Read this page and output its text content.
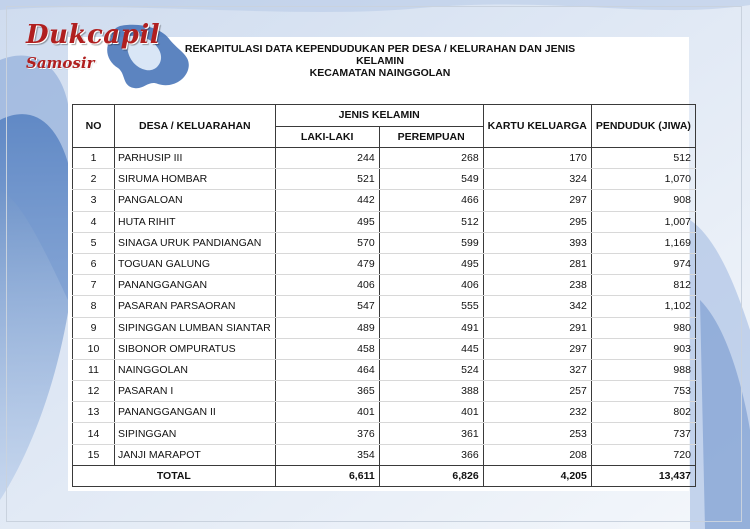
Dukcapil
Samosir
REKAPITULASI DATA KEPENDUDUKAN PER DESA / KELURAHAN DAN JENIS KELAMIN
KECAMATAN NAINGGOLAN
NO	DESA / KELUARAHAN	JENIS KELAMIN		KARTU KELUARGA	PENDUDUK (JIWA)
		LAKI-LAKI	PEREMPUAN		
1	PARHUSIP III	244	268	170	512
2	SIRUMA HOMBAR	521	549	324	1,070
3	PANGALOAN	442	466	297	908
4	HUTA RIHIT	495	512	295	1,007
5	SINAGA URUK PANDIANGAN	570	599	393	1,169
6	TOGUAN GALUNG	479	495	281	974
7	PANANGGANGAN	406	406	238	812
8	PASARAN PARSAORAN	547	555	342	1,102
9	SIPINGGAN LUMBAN SIANTAR	489	491	291	980
10	SIBONOR OMPURATUS	458	445	297	903
11	NAINGGOLAN	464	524	327	988
12	PASARAN I	365	388	257	753
13	PANANGGANGAN II	401	401	232	802
14	SIPINGGAN	376	361	253	737
15	JANJI MARAPOT	354	366	208	720
TOTAL		6,611	6,826	4,205	13,437
